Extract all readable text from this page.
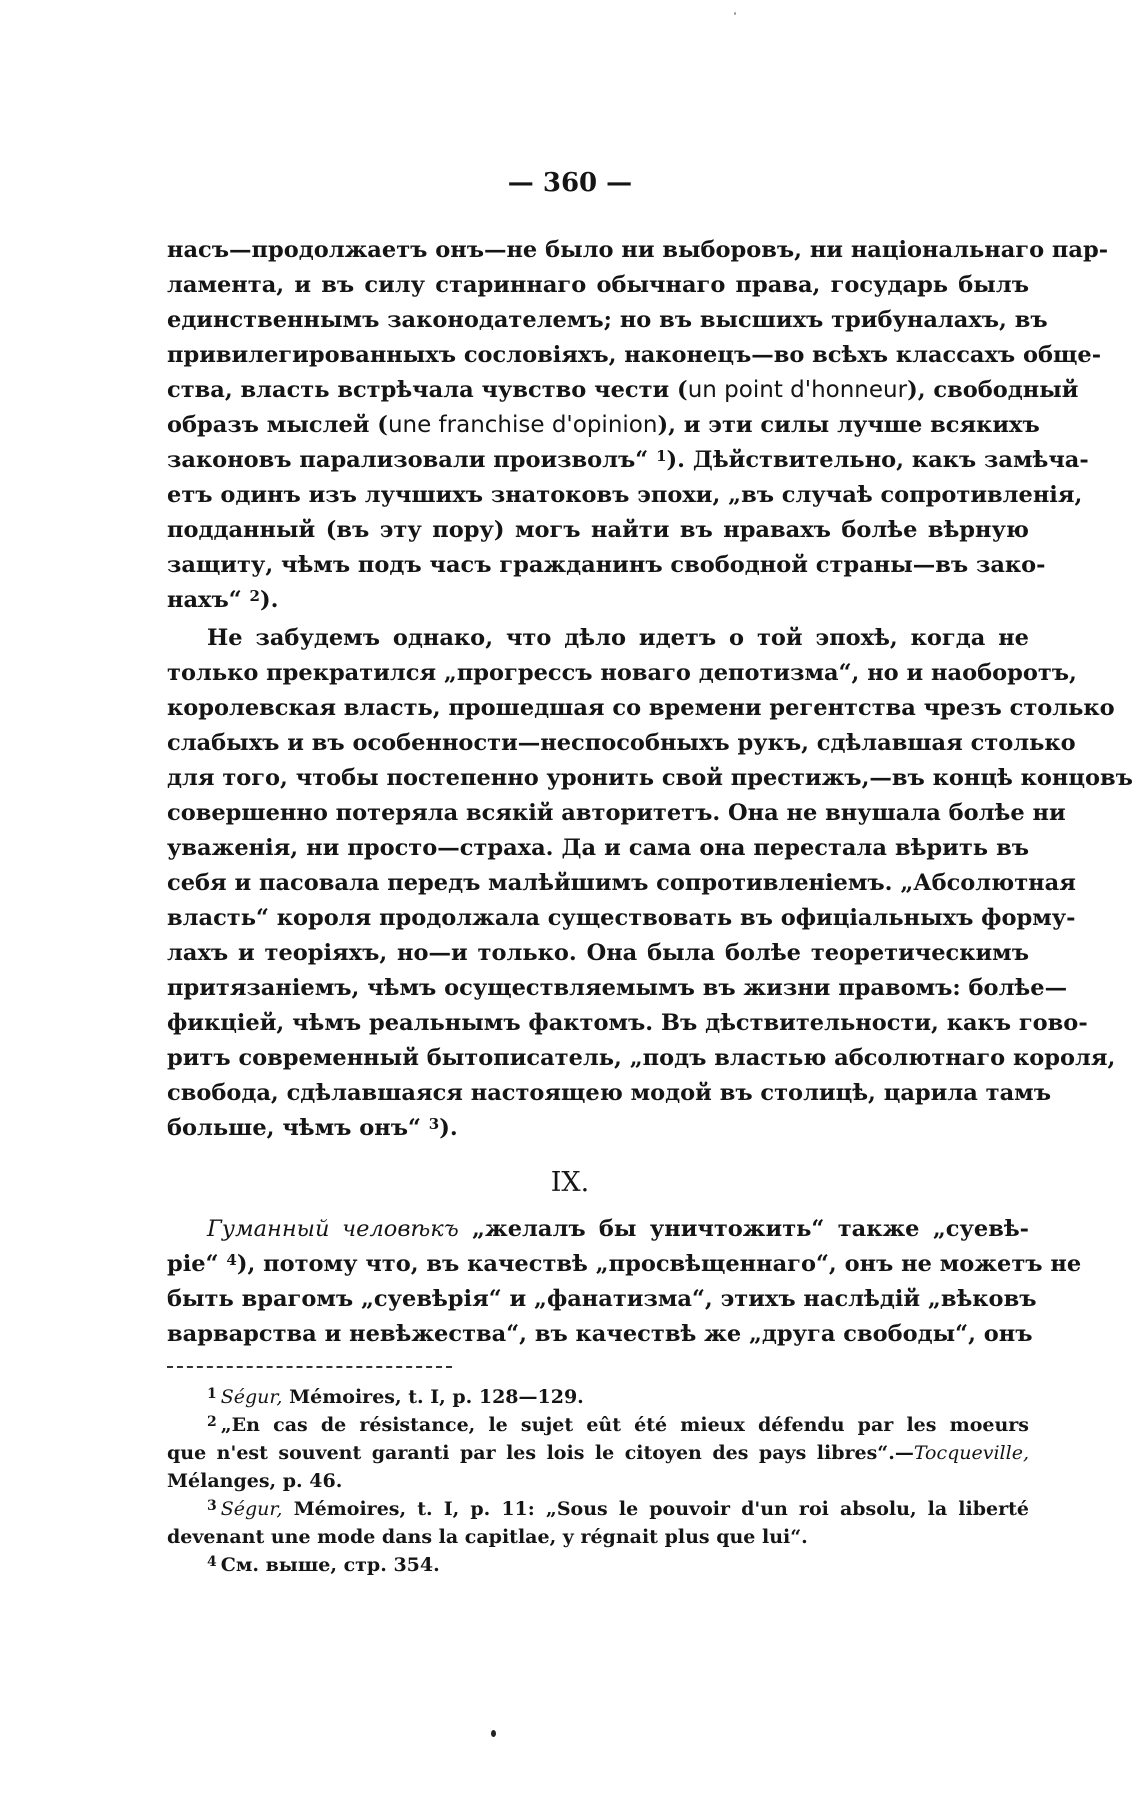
— 360 —
насъ—продолжаетъ онъ—не было ни выборовъ, ни національнаго пар-
ламента, и въ силу стариннаго обычнаго права, государь былъ
единственнымъ законодателемъ; но въ высшихъ трибуналахъ, въ
привилегированныхъ сословіяхъ, наконецъ—во всѣхъ классахъ обще-
ства, власть встрѣчала чувство чести (un point d'honneur), свободный
образъ мыслей (une franchise d'opinion), и эти силы лучше всякихъ
законовъ парализовали произволъ“ $^1$). Дѣйствительно, какъ замѣча-
етъ одинъ изъ лучшихъ знатоковъ эпохи, „въ случаѣ сопротивленія,
подданный (въ эту пору) могъ найти въ нравахъ болѣе вѣрную
защиту, чѣмъ подъ часъ гражданинъ свободной страны—въ зако-
нахъ“ $^2$).
Не забудемъ однако, что дѣло идетъ о той эпохѣ, когда не
только прекратился „прогрессъ новаго депотизма“, но и наоборотъ,
королевская власть, прошедшая со времени регентства чрезъ столько
слабыхъ и въ особенности—неспособныхъ рукъ, сдѣлавшая столько
для того, чтобы постепенно уронить свой престижъ,—въ концѣ концовъ
совершенно потеряла всякій авторитетъ. Она не внушала болѣе ни
уваженія, ни просто—страха. Да и сама она перестала вѣрить въ
себя и пасовала передъ малѣйшимъ сопротивленіемъ. „Абсолютная
власть“ короля продолжала существовать въ офиціальныхъ форму-
лахъ и теоріяхъ, но—и только. Она была болѣе теоретическимъ
притязаніемъ, чѣмъ осуществляемымъ въ жизни правомъ: болѣе—
фикціей, чѣмъ реальнымъ фактомъ. Въ дѣствительности, какъ гово-
ритъ современный бытописатель, „подъ властью абсолютнаго короля,
свобода, сдѣлавшаяся настоящею модой въ столицѣ, царила тамъ
больше, чѣмъ онъ“ $^3$).
IX.
Гуманный человѣкъ „желалъ бы уничтожить“ также „суевѣ-
ріе“ $^4$), потому что, въ качествѣ „просвѣщеннаго“, онъ не можетъ не
быть врагомъ „суевѣрія“ и „фанатизма“, этихъ наслѣдій „вѣковъ
варварства и невѣжества“, въ качествѣ же „друга свободы“, онъ
$^1$ Ségur, Mémoires, t. I, p. 128—129.
$^2$ „En cas de résistance, le sujet eût été mieux défendu par les moeurs
que n'est souvent garanti par les lois le citoyen des pays libres“.—Tocqueville,
Mélanges, p. 46.
$^3$ Ségur, Mémoires, t. I, p. 11: „Sous le pouvoir d'un roi absolu, la liberté
devenant une mode dans la capitlae, y régnait plus que lui“.
$^4$ См. выше, стр. 354.
